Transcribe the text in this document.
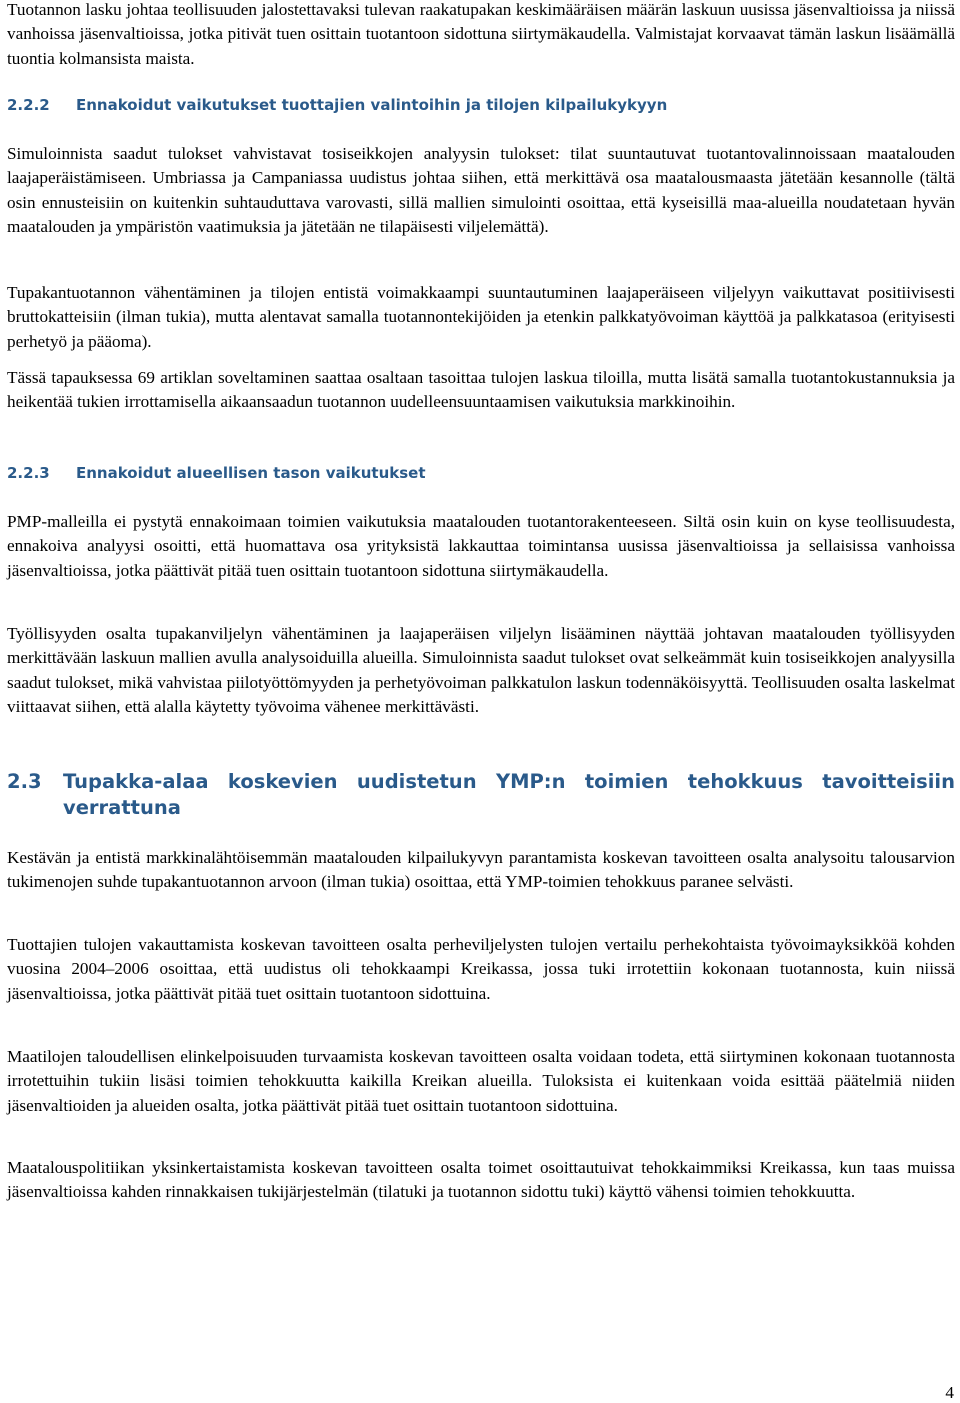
Tuotannon lasku johtaa teollisuuden jalostettavaksi tulevan raakatupakan keskimääräisen määrän laskuun uusissa jäsenvaltioissa ja niissä vanhoissa jäsenvaltioissa, jotka pitivät tuen osittain tuotantoon sidottuna siirtymäkaudella. Valmistajat korvaavat tämän laskun lisäämällä tuontia kolmansista maista.

2.2.2 Ennakoidut vaikutukset tuottajien valintoihin ja tilojen kilpailukykyyn

Simuloinnista saadut tulokset vahvistavat tosiseikkojen analyysin tulokset: tilat suuntautuvat tuotantovalinnoissaan maatalouden laajaperäistämiseen. Umbriassa ja Campaniassa uudistus johtaa siihen, että merkittävä osa maatalousmaasta jätetään kesannolle (tältä osin ennusteisiin on kuitenkin suhtauduttava varovasti, sillä mallien simulointi osoittaa, että kyseisillä maa-alueilla noudatetaan hyvän maatalouden ja ympäristön vaatimuksia ja jätetään ne tilapäisesti viljelemättä).

Tupakantuotannon vähentäminen ja tilojen entistä voimakkaampi suuntautuminen laajaperäiseen viljelyyn vaikuttavat positiivisesti bruttokatteisiin (ilman tukia), mutta alentavat samalla tuotannontekijöiden ja etenkin palkkatyövoiman käyttöä ja palkkatasoa (erityisesti perhetyö ja pääoma).

Tässä tapauksessa 69 artiklan soveltaminen saattaa osaltaan tasoittaa tulojen laskua tiloilla, mutta lisätä samalla tuotantokustannuksia ja heikentää tukien irrottamisella aikaansaadun tuotannon uudelleensuuntaamisen vaikutuksia markkinoihin.

2.2.3 Ennakoidut alueellisen tason vaikutukset

PMP-malleilla ei pystytä ennakoimaan toimien vaikutuksia maatalouden tuotantorakenteeseen. Siltä osin kuin on kyse teollisuudesta, ennakoiva analyysi osoitti, että huomattava osa yrityksistä lakkauttaa toimintansa uusissa jäsenvaltioissa ja sellaisissa vanhoissa jäsenvaltioissa, jotka päättivät pitää tuen osittain tuotantoon sidottuna siirtymäkaudella.

Työllisyyden osalta tupakanviljelyn vähentäminen ja laajaperäisen viljelyn lisääminen näyttää johtavan maatalouden työllisyyden merkittävään laskuun mallien avulla analysoiduilla alueilla. Simuloinnista saadut tulokset ovat selkeämmät kuin tosiseikkojen analyysilla saadut tulokset, mikä vahvistaa piilotyöttömyyden ja perhetyövoiman palkkatulon laskun todennäköisyyttä. Teollisuuden osalta laskelmat viittaavat siihen, että alalla käytetty työvoima vähenee merkittävästi.

2.3 Tupakka-alaa koskevien uudistetun YMP:n toimien tehokkuus tavoitteisiin verrattuna

Kestävän ja entistä markkinalähtöisemmän maatalouden kilpailukyvyn parantamista koskevan tavoitteen osalta analysoitu talousarvion tukimenojen suhde tupakantuotannon arvoon (ilman tukia) osoittaa, että YMP-toimien tehokkuus paranee selvästi.

Tuottajien tulojen vakauttamista koskevan tavoitteen osalta perheviljelysten tulojen vertailu perhekohtaista työvoimayksikköä kohden vuosina 2004–2006 osoittaa, että uudistus oli tehokkaampi Kreikassa, jossa tuki irrotettiin kokonaan tuotannosta, kuin niissä jäsenvaltioissa, jotka päättivät pitää tuet osittain tuotantoon sidottuina.

Maatilojen taloudellisen elinkelpoisuuden turvaamista koskevan tavoitteen osalta voidaan todeta, että siirtyminen kokonaan tuotannosta irrotettuihin tukiin lisäsi toimien tehokkuutta kaikilla Kreikan alueilla. Tuloksista ei kuitenkaan voida esittää päätelmiä niiden jäsenvaltioiden ja alueiden osalta, jotka päättivät pitää tuet osittain tuotantoon sidottuina.

Maatalouspolitiikan yksinkertaistamista koskevan tavoitteen osalta toimet osoittautuivat tehokkaimmiksi Kreikassa, kun taas muissa jäsenvaltioissa kahden rinnakkaisen tukijärjestelmän (tilatuki ja tuotannon sidottu tuki) käyttö vähensi toimien tehokkuutta.

4
